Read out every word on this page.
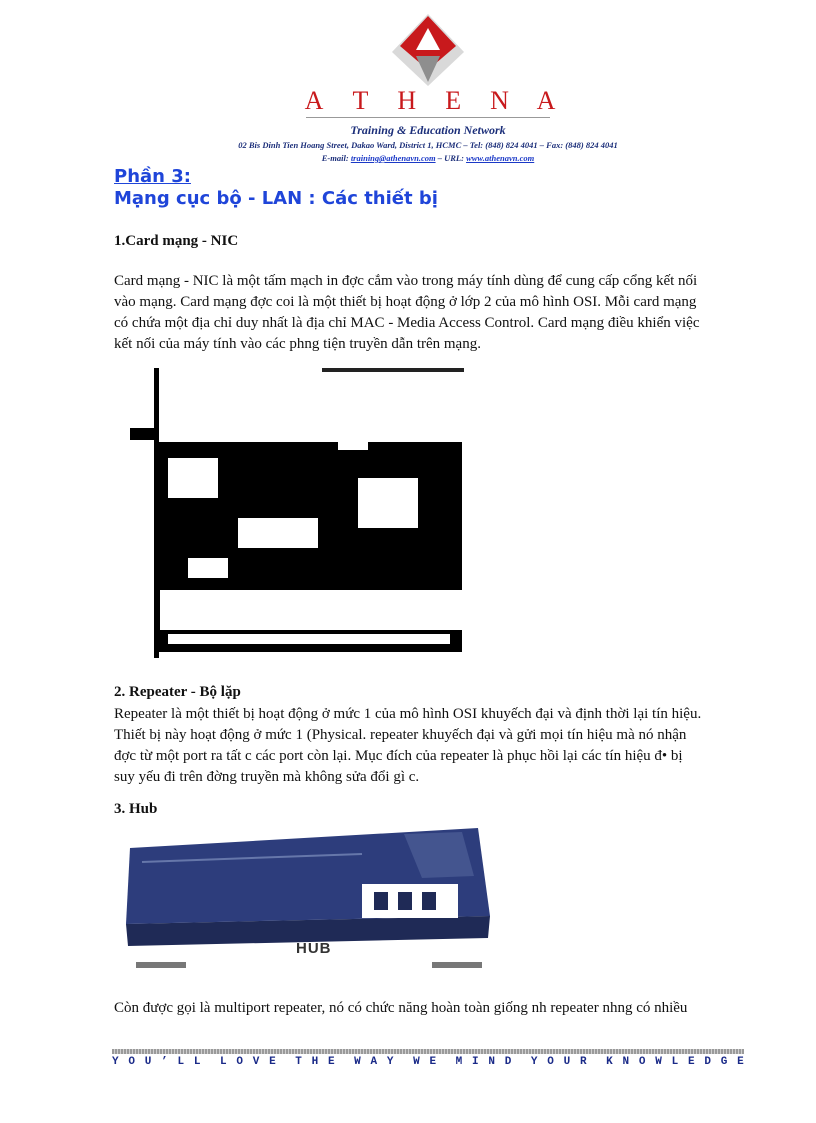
A T H E N A
Training & Education Network
02 Bis Dinh Tien Hoang Street, Dakao Ward, District 1, HCMC – Tel: (848) 824 4041 – Fax: (848) 824 4041
E-mail: training@athenavn.com – URL: www.athenavn.com
Phần 3:
Mạng cục bộ - LAN : Các thiết bị
1.Card mạng - NIC
Card mạng - NIC là một tấm mạch in đợc cắm vào trong máy tính dùng để cung cấp cổng kết nối
vào mạng. Card mạng đợc coi là một thiết bị hoạt động ở lớp 2 của mô hình OSI. Mỗi card mạng
có chứa một địa chỉ duy nhất là địa chỉ MAC - Media Access Control. Card mạng điều khiển việc
kết nối của máy tính vào các phng tiện truyền dẫn trên mạng.
2. Repeater - Bộ lặp
Repeater là một thiết bị hoạt động ở mức 1 của mô hình OSI khuyếch đại và định thời lại tín hiệu.
Thiết bị này hoạt động ở mức 1 (Physical. repeater khuyếch đại và gửi mọi tín hiệu mà nó nhận
đợc từ một port ra tất c các port còn lại. Mục đích của repeater là phục hồi lại các tín hiệu đ• bị
suy yếu đi trên đờng truyền mà không sửa đổi gì c.
3. Hub
HUB
Còn được gọi là multiport repeater, nó có chức năng hoàn toàn giống nh repeater nhng có nhiều
Y O U ’ L L L O V E T H E W A Y W E M I N D Y O U R K N O W L E D G E
